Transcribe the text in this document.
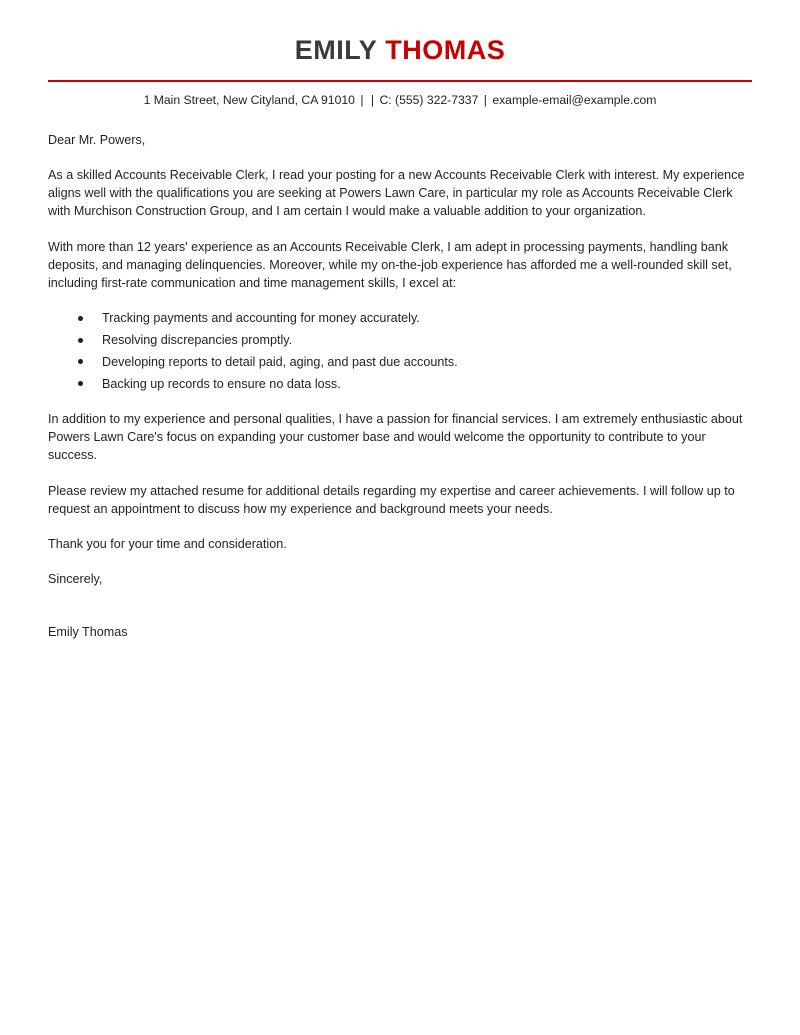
EMILY THOMAS
1 Main Street, New Cityland, CA 91010 | | C: (555) 322-7337 | example-email@example.com

Dear Mr. Powers,

As a skilled Accounts Receivable Clerk, I read your posting for a new Accounts Receivable Clerk with interest. My experience aligns well with the qualifications you are seeking at Powers Lawn Care, in particular my role as Accounts Receivable Clerk with Murchison Construction Group, and I am certain I would make a valuable addition to your organization.

With more than 12 years' experience as an Accounts Receivable Clerk, I am adept in processing payments, handling bank deposits, and managing delinquencies. Moreover, while my on-the-job experience has afforded me a well-rounded skill set, including first-rate communication and time management skills, I excel at:

Tracking payments and accounting for money accurately.
Resolving discrepancies promptly.
Developing reports to detail paid, aging, and past due accounts.
Backing up records to ensure no data loss.

In addition to my experience and personal qualities, I have a passion for financial services. I am extremely enthusiastic about Powers Lawn Care's focus on expanding your customer base and would welcome the opportunity to contribute to your success.

Please review my attached resume for additional details regarding my expertise and career achievements. I will follow up to request an appointment to discuss how my experience and background meets your needs.

Thank you for your time and consideration.

Sincerely,

Emily Thomas
